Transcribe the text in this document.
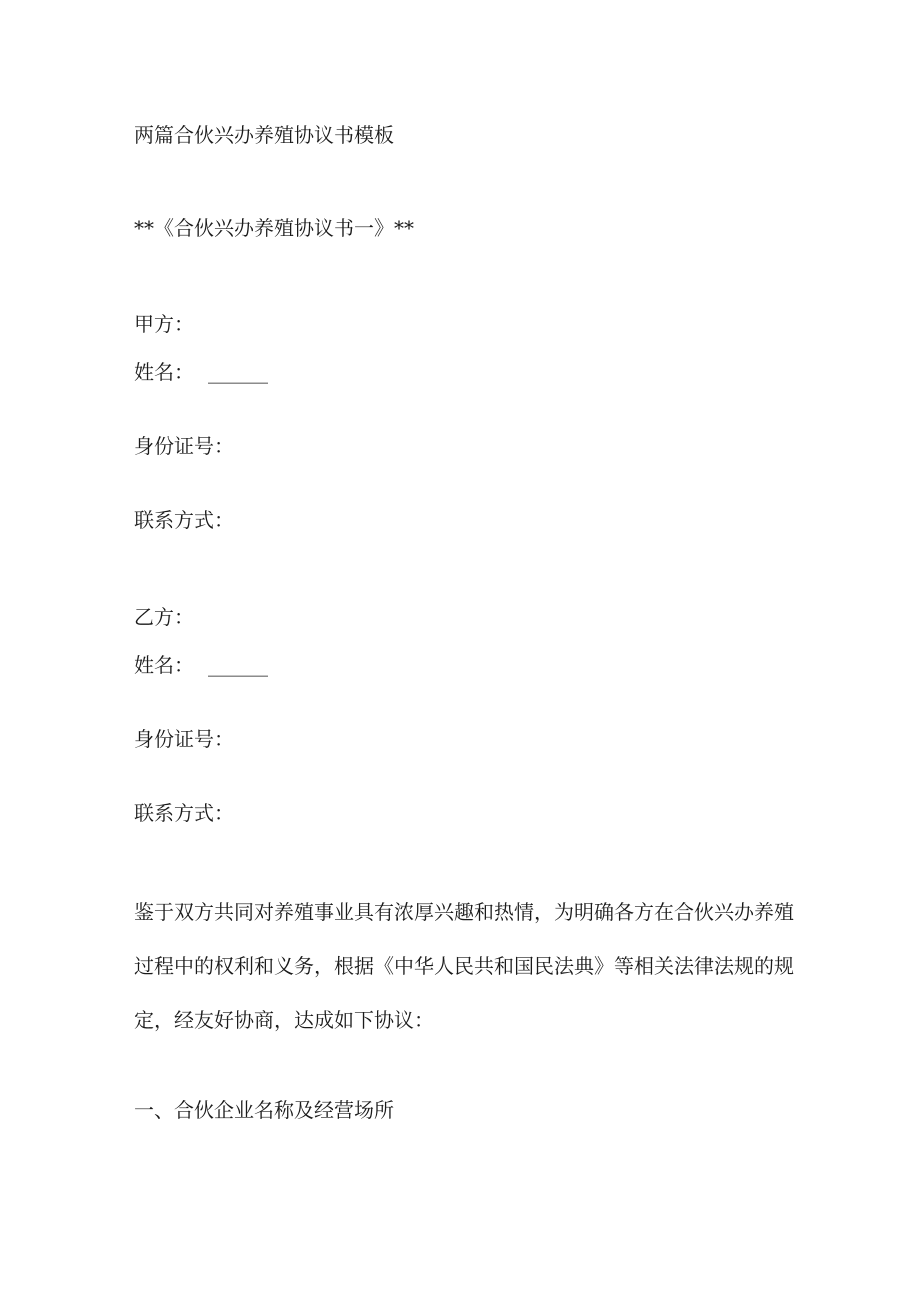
两篇合伙兴办养殖协议书模板
**《合伙兴办养殖协议书一》**
甲方：
姓名： ______
身份证号：
联系方式：
乙方：
姓名： ______
身份证号：
联系方式：
鉴于双方共同对养殖事业具有浓厚兴趣和热情，为明确各方在合伙兴办养殖过程中的权利和义务，根据《中华人民共和国民法典》等相关法律法规的规定，经友好协商，达成如下协议：
一、合伙企业名称及经营场所
